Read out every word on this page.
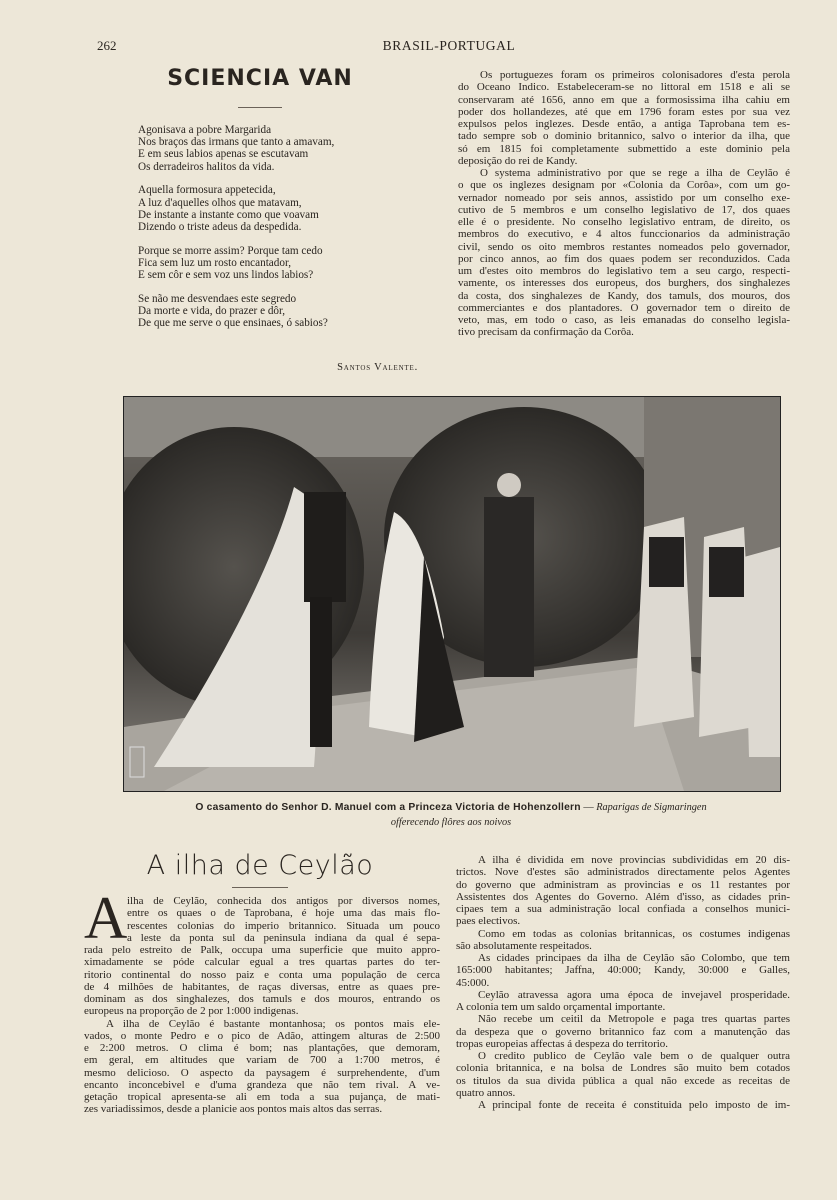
262	BRASIL-PORTUGAL
SCIENCIA VAN
Agonisava a pobre Margarida
Nos braços das irmans que tanto a amavam,
E em seus labios apenas se escutavam
Os derradeiros halitos da vida.
Aquella formosura appetecida,
A luz d'aquelles olhos que matavam,
De instante a instante como que voavam
Dizendo o triste adeus da despedida.
Porque se morre assim? Porque tam cedo
Fica sem luz um rosto encantador,
E sem côr e sem voz uns lindos labios?
Se não me desvendaes este segredo
Da morte e vida, do prazer e dôr,
De que me serve o que ensinaes, ó sabios?
Santos Valente.
Os portuguezes foram os primeiros colonisadores d'esta perola
do Oceano Indico. Estabeleceram-se no littoral em 1518 e ali se
conservaram até 1656, anno em que a formosissima ilha cahiu em
poder dos hollandezes, até que em 1796 foram estes por sua vez
expulsos pelos inglezes. Desde então, a antiga Taprobana tem es-
tado sempre sob o dominio britannico, salvo o interior da ilha, que
só em 1815 foi completamente submettido a este dominio pela
deposição do rei de Kandy.
O systema administrativo por que se rege a ilha de Ceylão é
o que os inglezes designam por «Colonia da Corôa», com um go-
vernador nomeado por seis annos, assistido por um conselho exe-
cutivo de 5 membros e um conselho legislativo de 17, dos quaes
elle é o presidente. No conselho legislativo entram, de direito, os
membros do executivo, e 4 altos funccionarios da administração
civil, sendo os oito membros restantes nomeados pelo governador,
por cinco annos, ao fim dos quaes podem ser reconduzidos. Cada
um d'estes oito membros do legislativo tem a seu cargo, respecti-
vamente, os interesses dos europeus, dos burghers, dos singhalezes
da costa, dos singhalezes de Kandy, dos tamuls, dos mouros, dos
commerciantes e dos plantadores. O governador tem o direito de
veto, mas, em todo o caso, as leis emanadas do conselho legisla-
tivo precisam da confirmação da Corôa.
O casamento do Senhor D. Manuel com a Princeza Victoria de Hohenzollern — Raparigas de Sigmaringen
offerecendo flôres aos noivos
A ilha de Ceylão
A ilha de Ceylão, conhecida dos antigos por diversos nomes,
entre os quaes o de Taprobana, é hoje uma das mais flo-
rescentes colonias do imperio britannico. Situada um pouco
a leste da ponta sul da peninsula indiana da qual é sepa-
rada pelo estreito de Palk, occupa uma superficie que muito appro-
ximadamente se póde calcular egual a tres quartas partes do ter-
ritorio continental do nosso paiz e conta uma população de cerca
de 4 milhões de habitantes, de raças diversas, entre as quaes pre-
dominam as dos singhalezes, dos tamuls e dos mouros, entrando os
europeus na proporção de 2 por 1:000 indigenas.
A ilha de Ceylão é bastante montanhosa; os pontos mais ele-
vados, o monte Pedro e o pico de Adão, attingem alturas de 2:500
e 2:200 metros. O clima é bom; nas plantações, que demoram,
em geral, em altitudes que variam de 700 a 1:700 metros, é
mesmo delicioso. O aspecto da paysagem é surprehendente, d'um
encanto inconcebivel e d'uma grandeza que não tem rival. A ve-
getação tropical apresenta-se ali em toda a sua pujança, de mati-
zes variadissimos, desde a planicie aos pontos mais altos das serras.
A ilha é dividida em nove provincias subdivididas em 20 dis-
trictos. Nove d'estes são administrados directamente pelos Agentes
do governo que administram as provincias e os 11 restantes por
Assistentes dos Agentes do Governo. Além d'isso, as cidades prin-
cipaes tem a sua administração local confiada a conselhos munici-
paes electivos.
Como em todas as colonias britannicas, os costumes indigenas
são absolutamente respeitados.
As cidades principaes da ilha de Ceylão são Colombo, que tem
165:000 habitantes; Jaffna, 40:000; Kandy, 30:000 e Galles,
45:000.
Ceylão atravessa agora uma época de invejavel prosperidade.
A colonia tem um saldo orçamental importante.
Não recebe um ceitil da Metropole e paga tres quartas partes
da despeza que o governo britannico faz com a manutenção das
tropas europeias affectas á despeza do territorio.
O credito publico de Ceylão vale bem o de qualquer outra
colonia britannica, e na bolsa de Londres são muito bem cotados
os titulos da sua divida pública a qual não excede as receitas de
quatro annos.
A principal fonte de receita é constituida pelo imposto de im-
